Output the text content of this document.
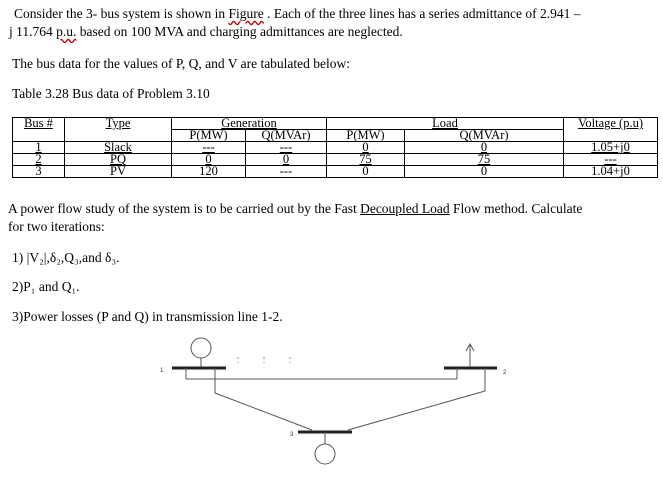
Consider the 3- bus system is shown in Figure . Each of the three lines has a series admittance of 2.941 –
j 11.764 p.u. based on 100 MVA and charging admittances are neglected.
The bus data for the values of P, Q, and V are tabulated below:
Table 3.28 Bus data of Problem 3.10
Bus #	Type	Generation		Load		Voltage (p.u)
		P(MW)	Q(MVAr)	P(MW)	Q(MVAr)	
1	Slack	---	---	0	0	1.05+j0
2	PQ	0	0	75	75	---
3	PV	120	---	0	0	1.04+j0
A power flow study of the system is to be carried out by the Fast Decoupled Load Flow method. Calculate
for two iterations:
1) |V₂|,δ₂,Q₃,and δ₃.
2)P₁ and Q₁.
3)Power losses (P and Q) in transmission line 1-2.
1	2
3
